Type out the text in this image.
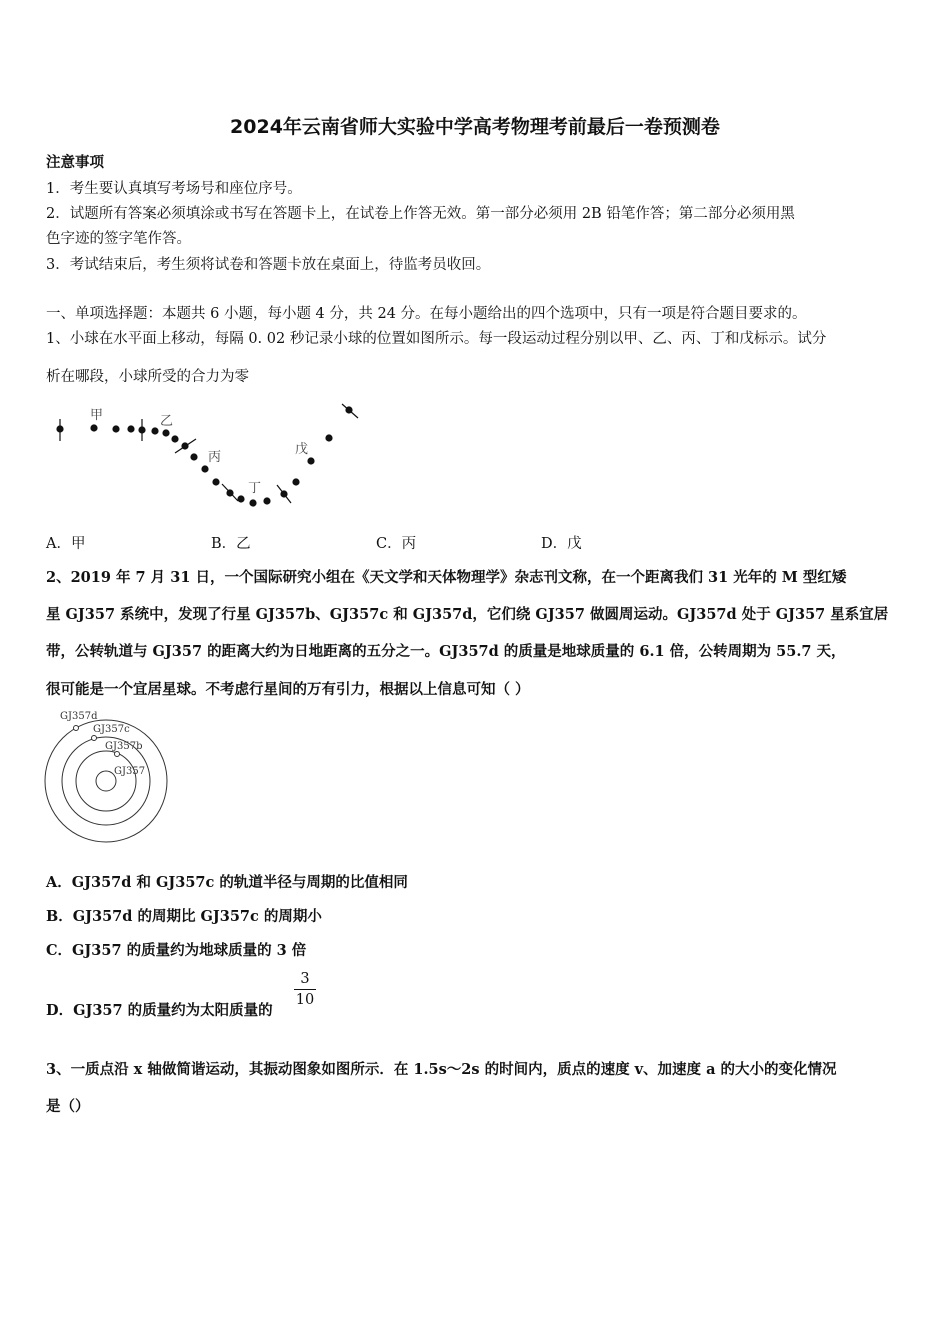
2024年云南省师大实验中学高考物理考前最后一卷预测卷
注意事项
1．考生要认真填写考场号和座位序号。
2．试题所有答案必须填涂或书写在答题卡上，在试卷上作答无效。第一部分必须用 2B 铅笔作答；第二部分必须用黑
色字迹的签字笔作答。
3．考试结束后，考生须将试卷和答题卡放在桌面上，待监考员收回。
一、单项选择题：本题共 6 小题，每小题 4 分，共 24 分。在每小题给出的四个选项中，只有一项是符合题目要求的。
1、小球在水平面上移动，每隔 0. 02 秒记录小球的位置如图所示。每一段运动过程分别以甲、乙、丙、丁和戊标示。试分
析在哪段，小球所受的合力为零
甲	乙
丙
丁
戊
A．甲	B．乙	C．丙	D．戊
2、2019 年 7 月 31 日，一个国际研究小组在《天文学和天体物理学》杂志刊文称，在一个距离我们 31 光年的 M 型红矮
星 GJ357 系统中，发现了行星 GJ357b、GJ357c 和 GJ357d，它们绕 GJ357 做圆周运动。GJ357d 处于 GJ357 星系宜居
带，公转轨道与 GJ357 的距离大约为日地距离的五分之一。GJ357d 的质量是地球质量的 6.1 倍，公转周期为 55.7 天，
很可能是一个宜居星球。不考虑行星间的万有引力，根据以上信息可知（ ）
GJ357d
GJ357c
GJ357b
GJ357
A．GJ357d 和 GJ357c 的轨道半径与周期的比值相同
B．GJ357d 的周期比 GJ357c 的周期小
C．GJ357 的质量约为地球质量的 3 倍
D．GJ357 的质量约为太阳质量的
3
10
3、一质点沿 x 轴做简谐运动，其振动图象如图所示．在 1.5s～2s 的时间内，质点的速度 v、加速度 a 的大小的变化情况
是（）
